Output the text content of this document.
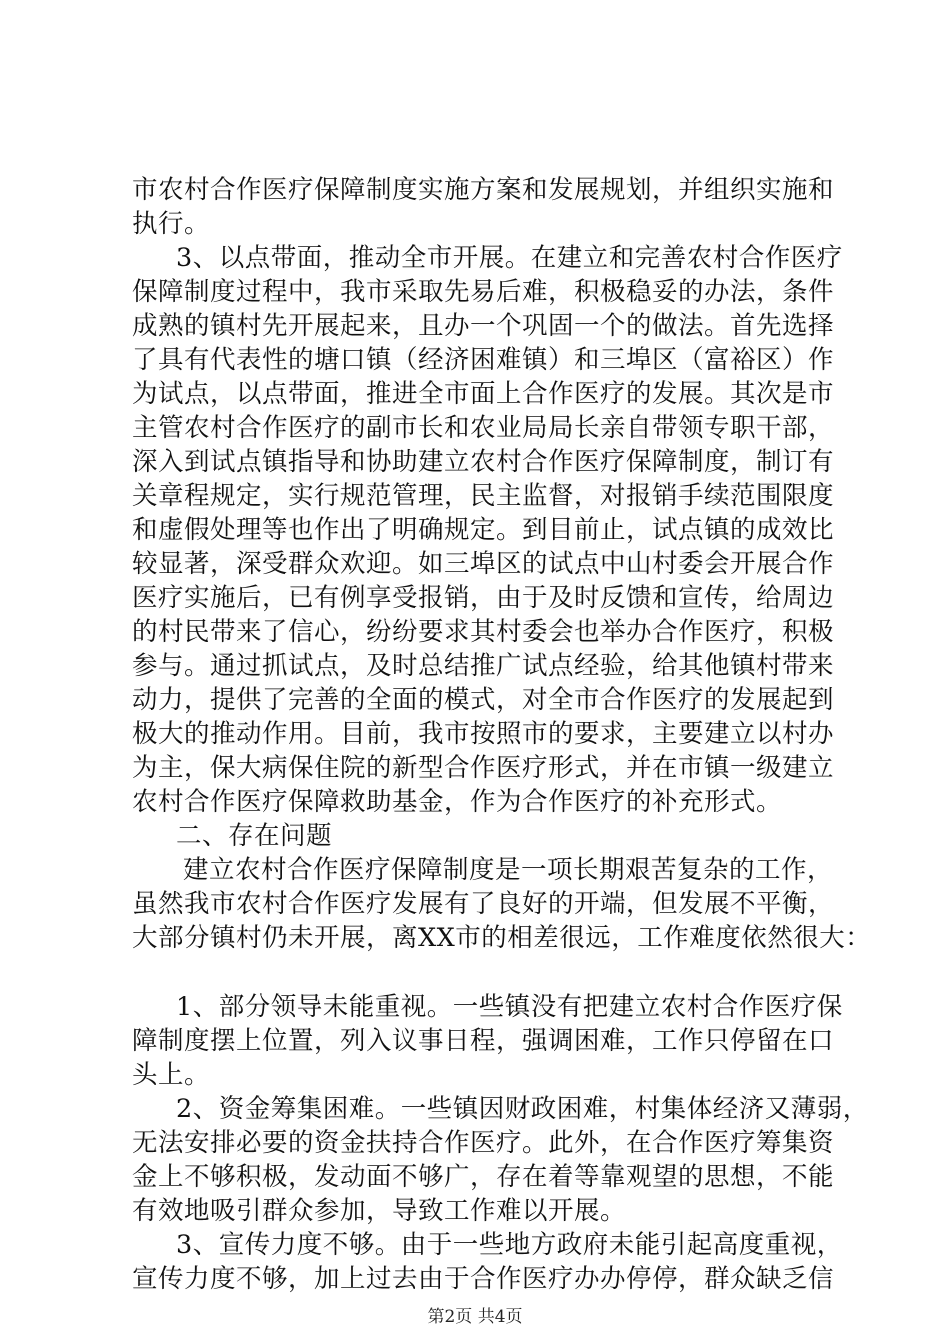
市农村合作医疗保障制度实施方案和发展规划，并组织实施和
执行。
3、以点带面，推动全市开展。在建立和完善农村合作医疗
保障制度过程中，我市采取先易后难，积极稳妥的办法，条件
成熟的镇村先开展起来，且办一个巩固一个的做法。首先选择
了具有代表性的塘口镇（经济困难镇）和三埠区（富裕区）作
为试点，以点带面，推进全市面上合作医疗的发展。其次是市
主管农村合作医疗的副市长和农业局局长亲自带领专职干部，
深入到试点镇指导和协助建立农村合作医疗保障制度，制订有
关章程规定，实行规范管理，民主监督，对报销手续范围限度
和虚假处理等也作出了明确规定。到目前止，试点镇的成效比
较显著，深受群众欢迎。如三埠区的试点中山村委会开展合作
医疗实施后，已有例享受报销，由于及时反馈和宣传，给周边
的村民带来了信心，纷纷要求其村委会也举办合作医疗，积极
参与。通过抓试点，及时总结推广试点经验，给其他镇村带来
动力，提供了完善的全面的模式，对全市合作医疗的发展起到
极大的推动作用。目前，我市按照市的要求，主要建立以村办
为主，保大病保住院的新型合作医疗形式，并在市镇一级建立
农村合作医疗保障救助基金，作为合作医疗的补充形式。
二、存在问题
建立农村合作医疗保障制度是一项长期艰苦复杂的工作，
虽然我市农村合作医疗发展有了良好的开端，但发展不平衡，
大部分镇村仍未开展，离XX市的相差很远，工作难度依然很大：
1、部分领导未能重视。一些镇没有把建立农村合作医疗保
障制度摆上位置，列入议事日程，强调困难，工作只停留在口
头上。
2、资金筹集困难。一些镇因财政困难，村集体经济又薄弱，
无法安排必要的资金扶持合作医疗。此外，在合作医疗筹集资
金上不够积极，发动面不够广，存在着等靠观望的思想，不能
有效地吸引群众参加，导致工作难以开展。
3、宣传力度不够。由于一些地方政府未能引起高度重视，
宣传力度不够，加上过去由于合作医疗办办停停，群众缺乏信
第2页 共4页
